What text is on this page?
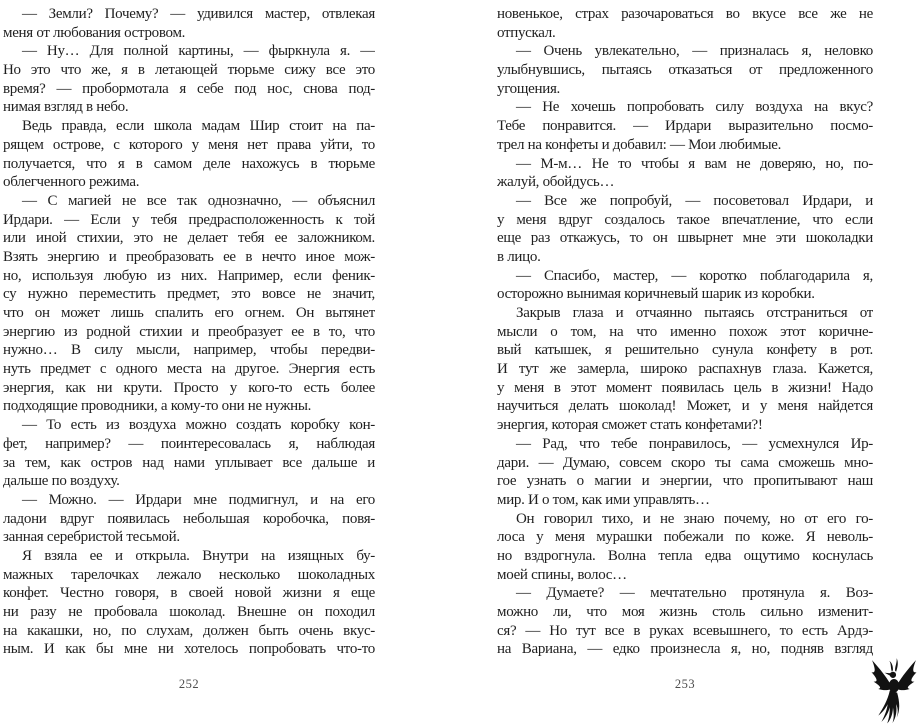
— Земли? Почему? — удивился мастер, отвлекая
меня от любования островом.
— Ну… Для полной картины, — фыркнула я. —
Но это что же, я в летающей тюрьме сижу все это
время? — пробормотала я себе под нос, снова под-
нимая взгляд в небо.
Ведь правда, если школа мадам Шир стоит на па-
рящем острове, с которого у меня нет права уйти, то
получается, что я в самом деле нахожусь в тюрьме
облегченного режима.
— С магией не все так однозначно, — объяснил
Ирдари. — Если у тебя предрасположенность к той
или иной стихии, это не делает тебя ее заложником.
Взять энергию и преобразовать ее в нечто иное мож-
но, используя любую из них. Например, если феник-
су нужно переместить предмет, это вовсе не значит,
что он может лишь спалить его огнем. Он вытянет
энергию из родной стихии и преобразует ее в то, что
нужно… В силу мысли, например, чтобы передви-
нуть предмет с одного места на другое. Энергия есть
энергия, как ни крути. Просто у кого-то есть более
подходящие проводники, а кому-то они не нужны.
— То есть из воздуха можно создать коробку кон-
фет, например? — поинтересовалась я, наблюдая
за тем, как остров над нами уплывает все дальше и
дальше по воздуху.
— Можно. — Ирдари мне подмигнул, и на его
ладони вдруг появилась небольшая коробочка, повя-
занная серебристой тесьмой.
Я взяла ее и открыла. Внутри на изящных бу-
мажных тарелочках лежало несколько шоколадных
конфет. Честно говоря, в своей новой жизни я еще
ни разу не пробовала шоколад. Внешне он походил
на какашки, но, по слухам, должен быть очень вкус-
ным. И как бы мне ни хотелось попробовать что-то
252
новенькое, страх разочароваться во вкусе все же не
отпускал.
— Очень увлекательно, — призналась я, неловко
улыбнувшись, пытаясь отказаться от предложенного
угощения.
— Не хочешь попробовать силу воздуха на вкус?
Тебе понравится. — Ирдари выразительно посмо-
трел на конфеты и добавил: — Мои любимые.
— М-м… Не то чтобы я вам не доверяю, но, по-
жалуй, обойдусь…
— Все же попробуй, — посоветовал Ирдари, и
у меня вдруг создалось такое впечатление, что если
еще раз откажусь, то он швырнет мне эти шоколадки
в лицо.
— Спасибо, мастер, — коротко поблагодарила я,
осторожно вынимая коричневый шарик из коробки.
Закрыв глаза и отчаянно пытаясь отстраниться от
мысли о том, на что именно похож этот коричне-
вый катышек, я решительно сунула конфету в рот.
И тут же замерла, широко распахнув глаза. Кажется,
у меня в этот момент появилась цель в жизни! Надо
научиться делать шоколад! Может, и у меня найдется
энергия, которая сможет стать конфетами?!
— Рад, что тебе понравилось, — усмехнулся Ир-
дари. — Думаю, совсем скоро ты сама сможешь мно-
гое узнать о магии и энергии, что пропитывают наш
мир. И о том, как ими управлять…
Он говорил тихо, и не знаю почему, но от его го-
лоса у меня мурашки побежали по коже. Я неволь-
но вздрогнула. Волна тепла едва ощутимо коснулась
моей спины, волос…
— Думаете? — мечтательно протянула я. Воз-
можно ли, что моя жизнь столь сильно изменит-
ся? — Но тут все в руках всевышнего, то есть Ардэ-
на Вариана, — едко произнесла я, но, подняв взгляд
253
